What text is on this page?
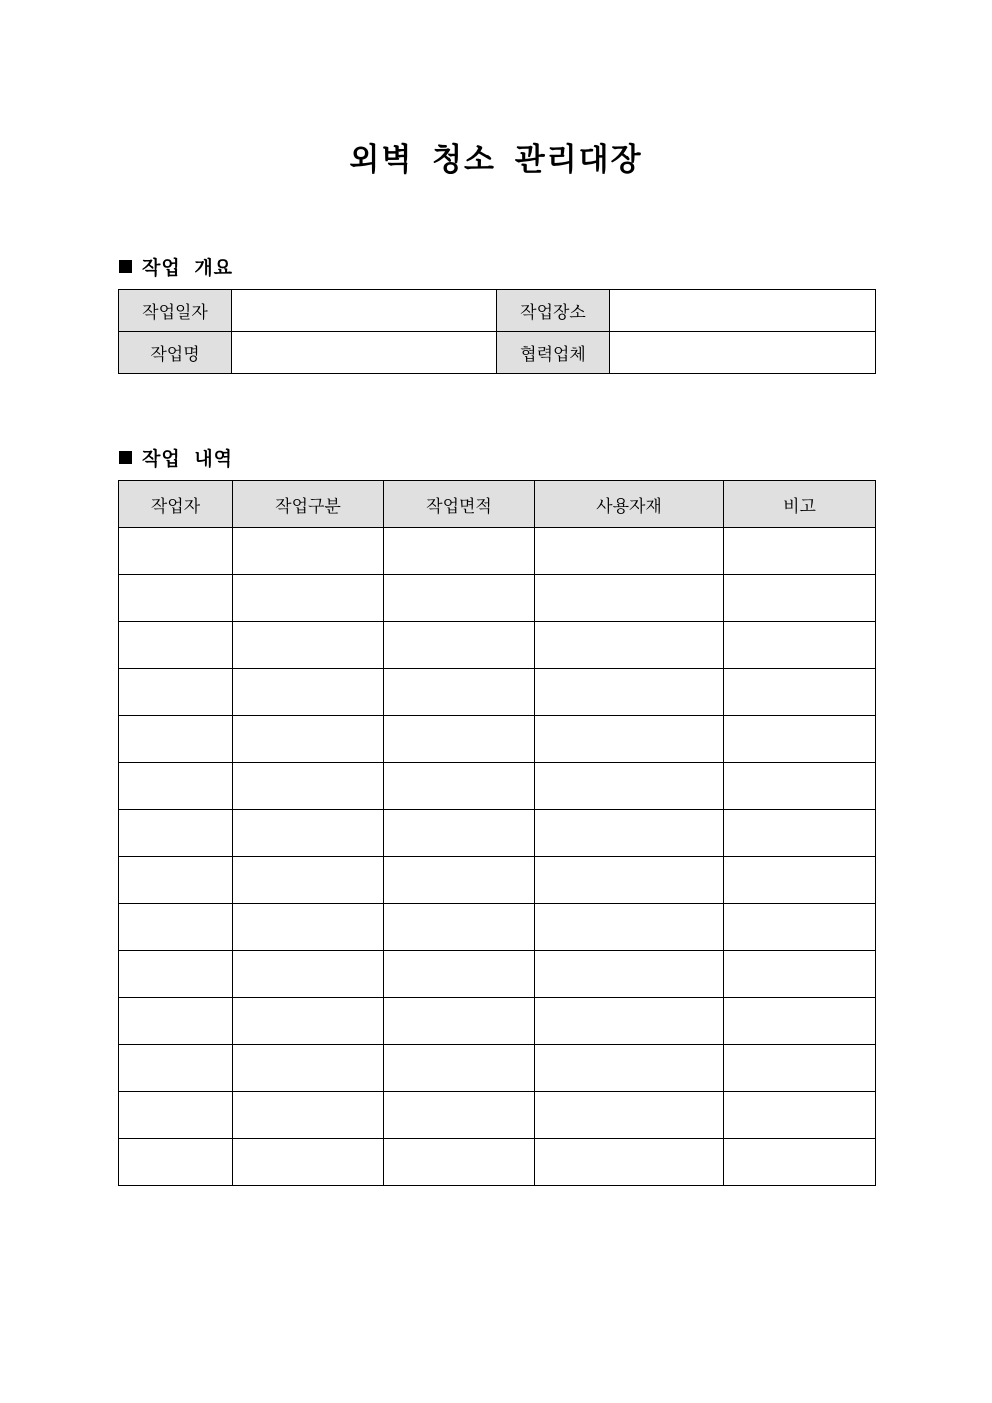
외벽 청소 관리대장
작업 개요
작업일자		작업장소	
작업명		협력업체	
작업 내역
작업자	작업구분	작업면적	사용자재	비고
